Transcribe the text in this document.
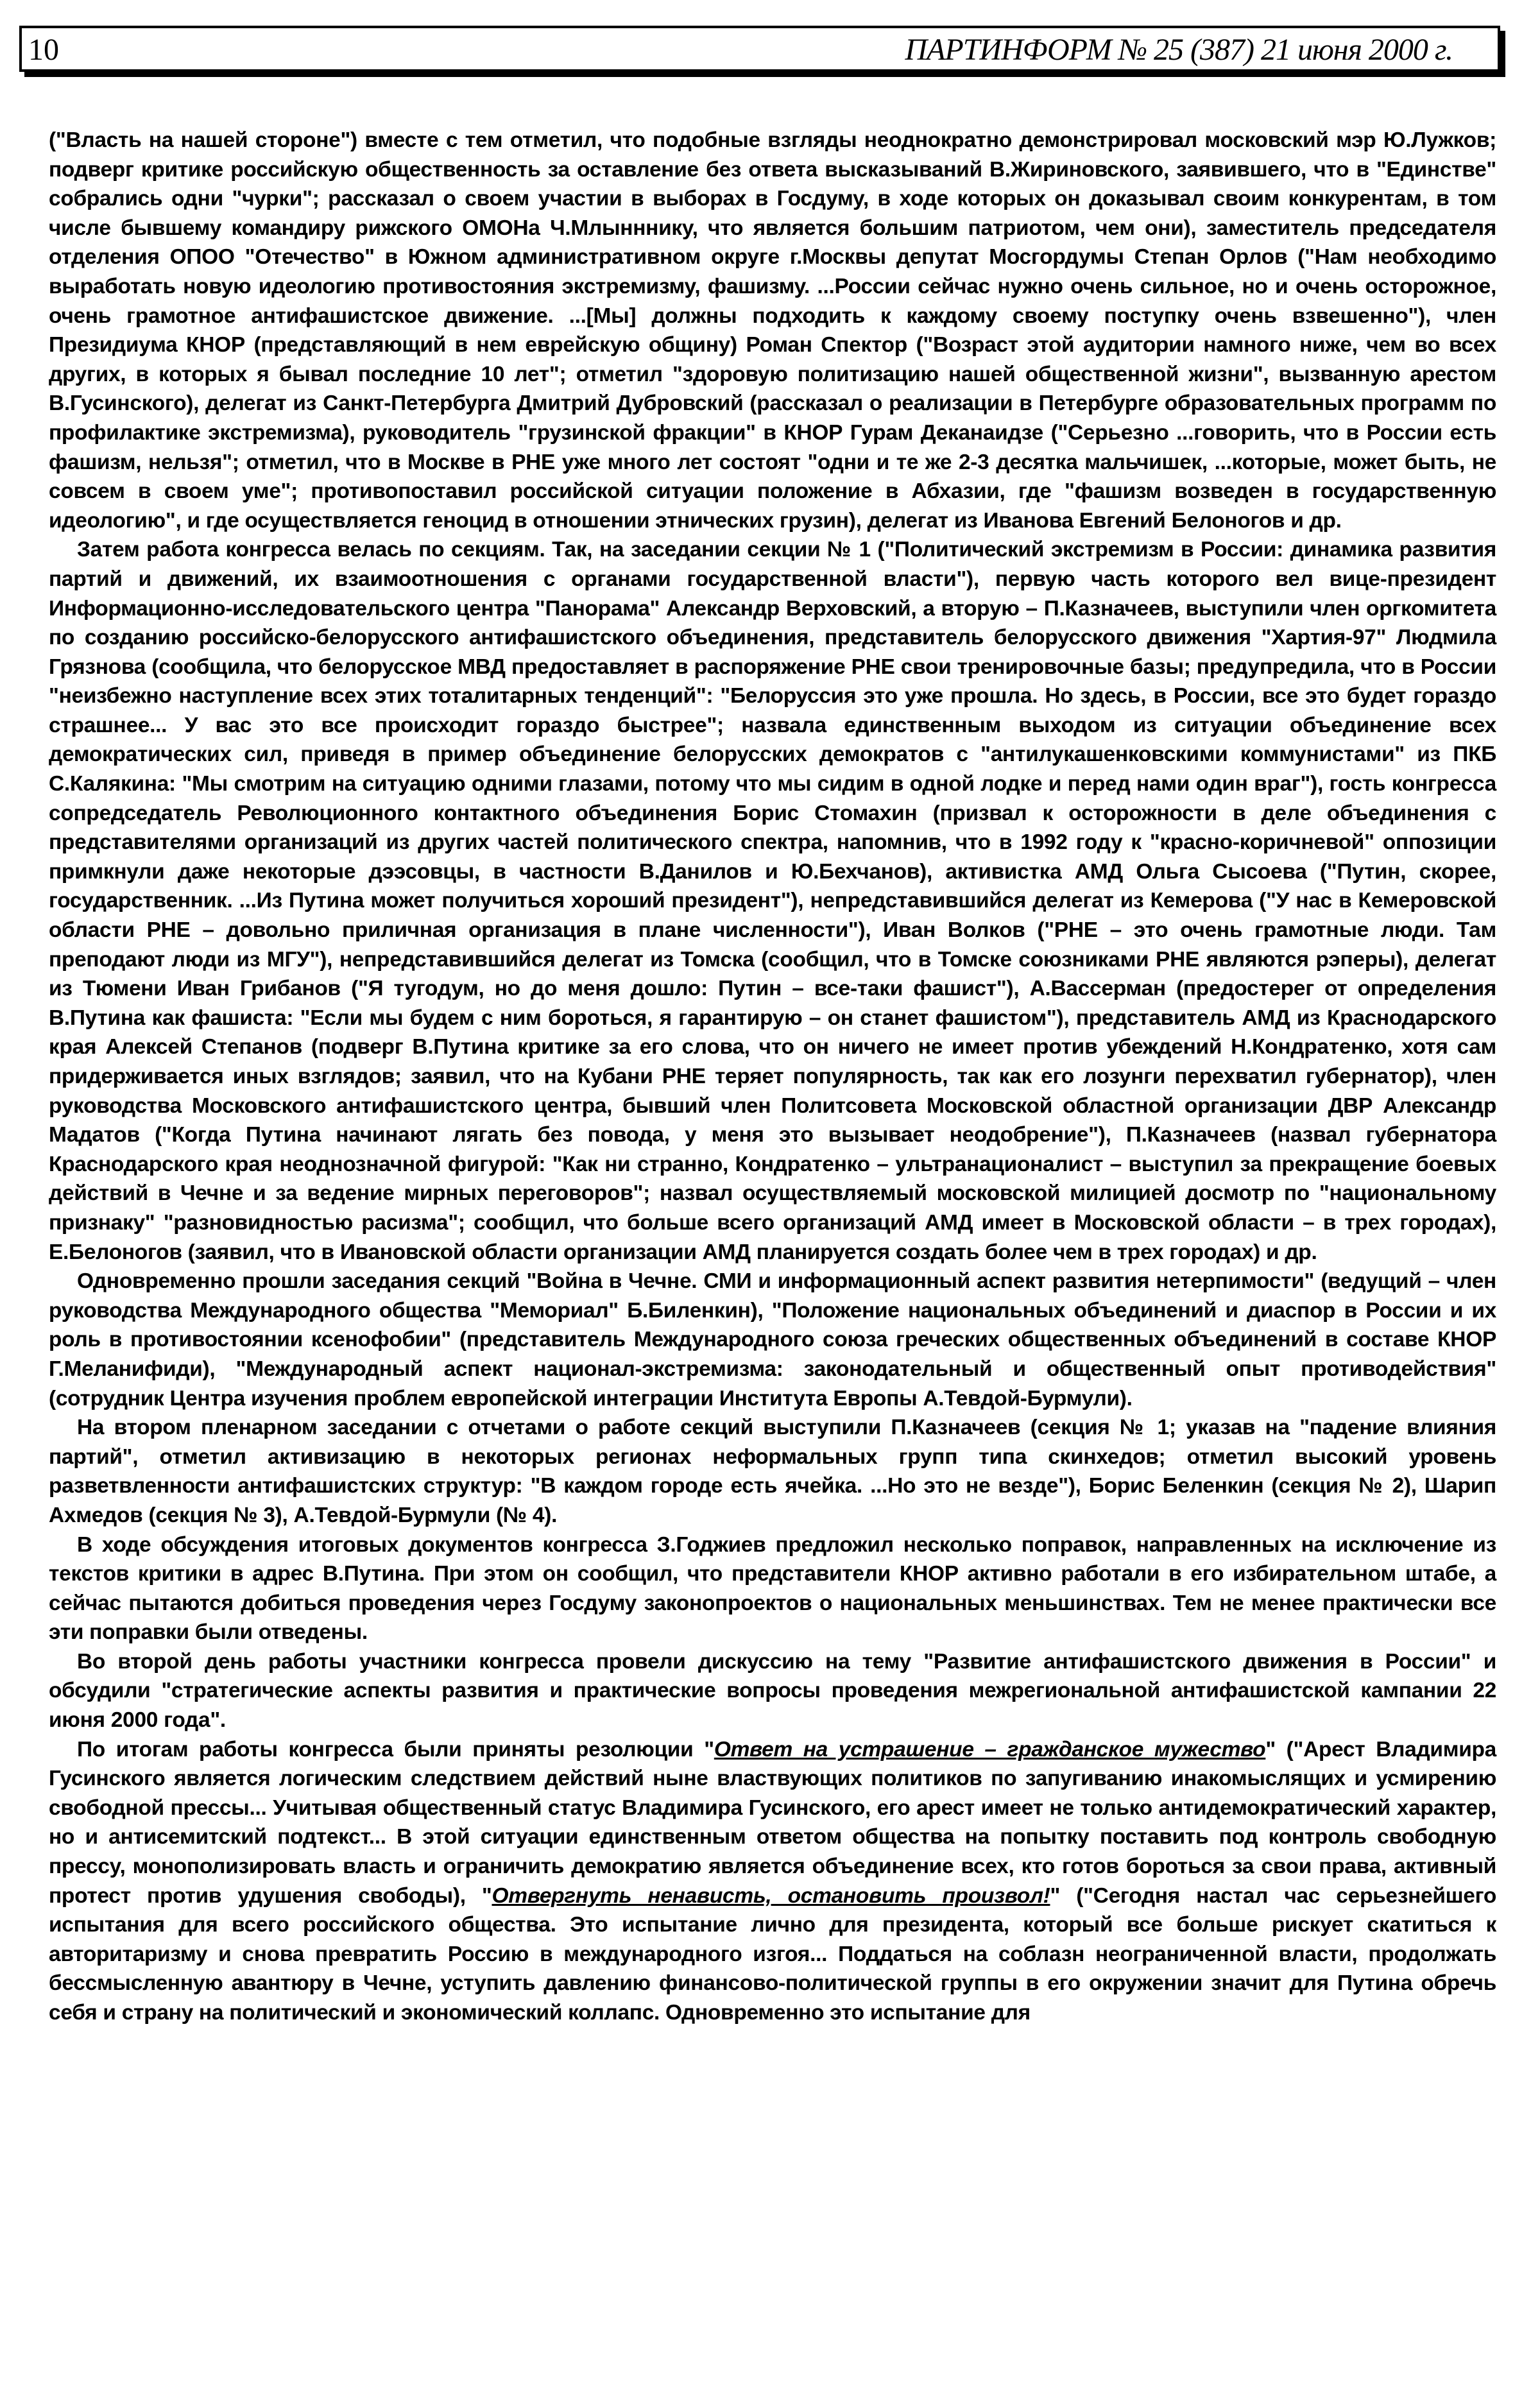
10	ПАРТИНФОРМ № 25 (387) 21 июня 2000 г.

("Власть на нашей стороне") вместе с тем отметил, что подобные взгляды неоднократно демонстрировал московский мэр Ю.Лужков; подверг критике российскую общественность за оставление без ответа высказываний В.Жириновского, заявившего, что в "Единстве" собрались одни "чурки"; рассказал о своем участии в выборах в Госдуму, в ходе которых он доказывал своим конкурентам, в том числе бывшему командиру рижского ОМОНа Ч.Млынннику, что является большим патриотом, чем они), заместитель председателя отделения ОПОО "Отечество" в Южном административном округе г.Москвы депутат Мосгордумы Степан Орлов ("Нам необходимо выработать новую идеологию противостояния экстремизму, фашизму. ...России сейчас нужно очень сильное, но и очень осторожное, очень грамотное антифашистское движение. ...[Мы] должны подходить к каждому своему поступку очень взвешенно"), член Президиума КНОР (представляющий в нем еврейскую общину) Роман Спектор ("Возраст этой аудитории намного ниже, чем во всех других, в которых я бывал последние 10 лет"; отметил "здоровую политизацию нашей общественной жизни", вызванную арестом В.Гусинского), делегат из Санкт-Петербурга Дмитрий Дубровский (рассказал о реализации в Петербурге образовательных программ по профилактике экстремизма), руководитель "грузинской фракции" в КНОР Гурам Деканаидзе ("Серьезно ...говорить, что в России есть фашизм, нельзя"; отметил, что в Москве в РНЕ уже много лет состоят "одни и те же 2-3 десятка мальчишек, ...которые, может быть, не совсем в своем уме"; противопоставил российской ситуации положение в Абхазии, где "фашизм возведен в государственную идеологию", и где осуществляется геноцид в отношении этнических грузин), делегат из Иванова Евгений Белоногов и др.

Затем работа конгресса велась по секциям. Так, на заседании секции № 1 ("Политический экстремизм в России: динамика развития партий и движений, их взаимоотношения с органами государственной власти"), первую часть которого вел вице-президент Информационно-исследовательского центра "Панорама" Александр Верховский, а вторую – П.Казначеев, выступили член оргкомитета по созданию российско-белорусского антифашистского объединения, представитель белорусского движения "Хартия-97" Людмила Грязнова (сообщила, что белорусское МВД предоставляет в распоряжение РНЕ свои тренировочные базы; предупредила, что в России "неизбежно наступление всех этих тоталитарных тенденций": "Белоруссия это уже прошла. Но здесь, в России, все это будет гораздо страшнее... У вас это все происходит гораздо быстрее"; назвала единственным выходом из ситуации объединение всех демократических сил, приведя в пример объединение белорусских демократов с "антилукашенковскими коммунистами" из ПКБ С.Калякина: "Мы смотрим на ситуацию одними глазами, потому что мы сидим в одной лодке и перед нами один враг"), гость конгресса сопредседатель Революционного контактного объединения Борис Стомахин (призвал к осторожности в деле объединения с представителями организаций из других частей политического спектра, напомнив, что в 1992 году к "красно-коричневой" оппозиции примкнули даже некоторые дээсовцы, в частности В.Данилов и Ю.Бехчанов), активистка АМД Ольга Сысоева ("Путин, скорее, государственник. ...Из Путина может получиться хороший президент"), непредставившийся делегат из Кемерова ("У нас в Кемеровской области РНЕ – довольно приличная организация в плане численности"), Иван Волков ("РНЕ – это очень грамотные люди. Там преподают люди из МГУ"), непредставившийся делегат из Томска (сообщил, что в Томске союзниками РНЕ являются рэперы), делегат из Тюмени Иван Грибанов ("Я тугодум, но до меня дошло: Путин – все-таки фашист"), А.Вассерман (предостерег от определения В.Путина как фашиста: "Если мы будем с ним бороться, я гарантирую – он станет фашистом"), представитель АМД из Краснодарского края Алексей Степанов (подверг В.Путина критике за его слова, что он ничего не имеет против убеждений Н.Кондратенко, хотя сам придерживается иных взглядов; заявил, что на Кубани РНЕ теряет популярность, так как его лозунги перехватил губернатор), член руководства Московского антифашистского центра, бывший член Политсовета Московской областной организации ДВР Александр Мадатов ("Когда Путина начинают лягать без повода, у меня это вызывает неодобрение"), П.Казначеев (назвал губернатора Краснодарского края неоднозначной фигурой: "Как ни странно, Кондратенко – ультранационалист – выступил за прекращение боевых действий в Чечне и за ведение мирных переговоров"; назвал осуществляемый московской милицией досмотр по "национальному признаку" "разновидностью расизма"; сообщил, что больше всего организаций АМД имеет в Московской области – в трех городах), Е.Белоногов (заявил, что в Ивановской области организации АМД планируется создать более чем в трех городах) и др.

Одновременно прошли заседания секций "Война в Чечне. СМИ и информационный аспект развития нетерпимости" (ведущий – член руководства Международного общества "Мемориал" Б.Биленкин), "Положение национальных объединений и диаспор в России и их роль в противостоянии ксенофобии" (представитель Международного союза греческих общественных объединений в составе КНОР Г.Меланифиди), "Международный аспект национал-экстремизма: законодательный и общественный опыт противодействия" (сотрудник Центра изучения проблем европейской интеграции Института Европы А.Тевдой-Бурмули).

На втором пленарном заседании с отчетами о работе секций выступили П.Казначеев (секция № 1; указав на "падение влияния партий", отметил активизацию в некоторых регионах неформальных групп типа скинхедов; отметил высокий уровень разветвленности антифашистских структур: "В каждом городе есть ячейка. ...Но это не везде"), Борис Беленкин (секция № 2), Шарип Ахмедов (секция № 3), А.Тевдой-Бурмули (№ 4).

В ходе обсуждения итоговых документов конгресса З.Годжиев предложил несколько поправок, направленных на исключение из текстов критики в адрес В.Путина. При этом он сообщил, что представители КНОР активно работали в его избирательном штабе, а сейчас пытаются добиться проведения через Госдуму законопроектов о национальных меньшинствах. Тем не менее практически все эти поправки были отведены.

Во второй день работы участники конгресса провели дискуссию на тему "Развитие антифашистского движения в России" и обсудили "стратегические аспекты развития и практические вопросы проведения межрегиональной антифашистской кампании 22 июня 2000 года".

По итогам работы конгресса были приняты резолюции "Ответ на устрашение – гражданское мужество" ("Арест Владимира Гусинского является логическим следствием действий ныне властвующих политиков по запугиванию инакомыслящих и усмирению свободной прессы... Учитывая общественный статус Владимира Гусинского, его арест имеет не только антидемократический характер, но и антисемитский подтекст... В этой ситуации единственным ответом общества на попытку поставить под контроль свободную прессу, монополизировать власть и ограничить демократию является объединение всех, кто готов бороться за свои права, активный протест против удушения свободы), "Отвергнуть ненависть, остановить произвол!" ("Сегодня настал час серьезнейшего испытания для всего российского общества. Это испытание лично для президента, который все больше рискует скатиться к авторитаризму и снова превратить Россию в международного изгоя... Поддаться на соблазн неограниченной власти, продолжать бессмысленную авантюру в Чечне, уступить давлению финансово-политической группы в его окружении значит для Путина обречь себя и страну на политический и экономический коллапс. Одновременно это испытание для
